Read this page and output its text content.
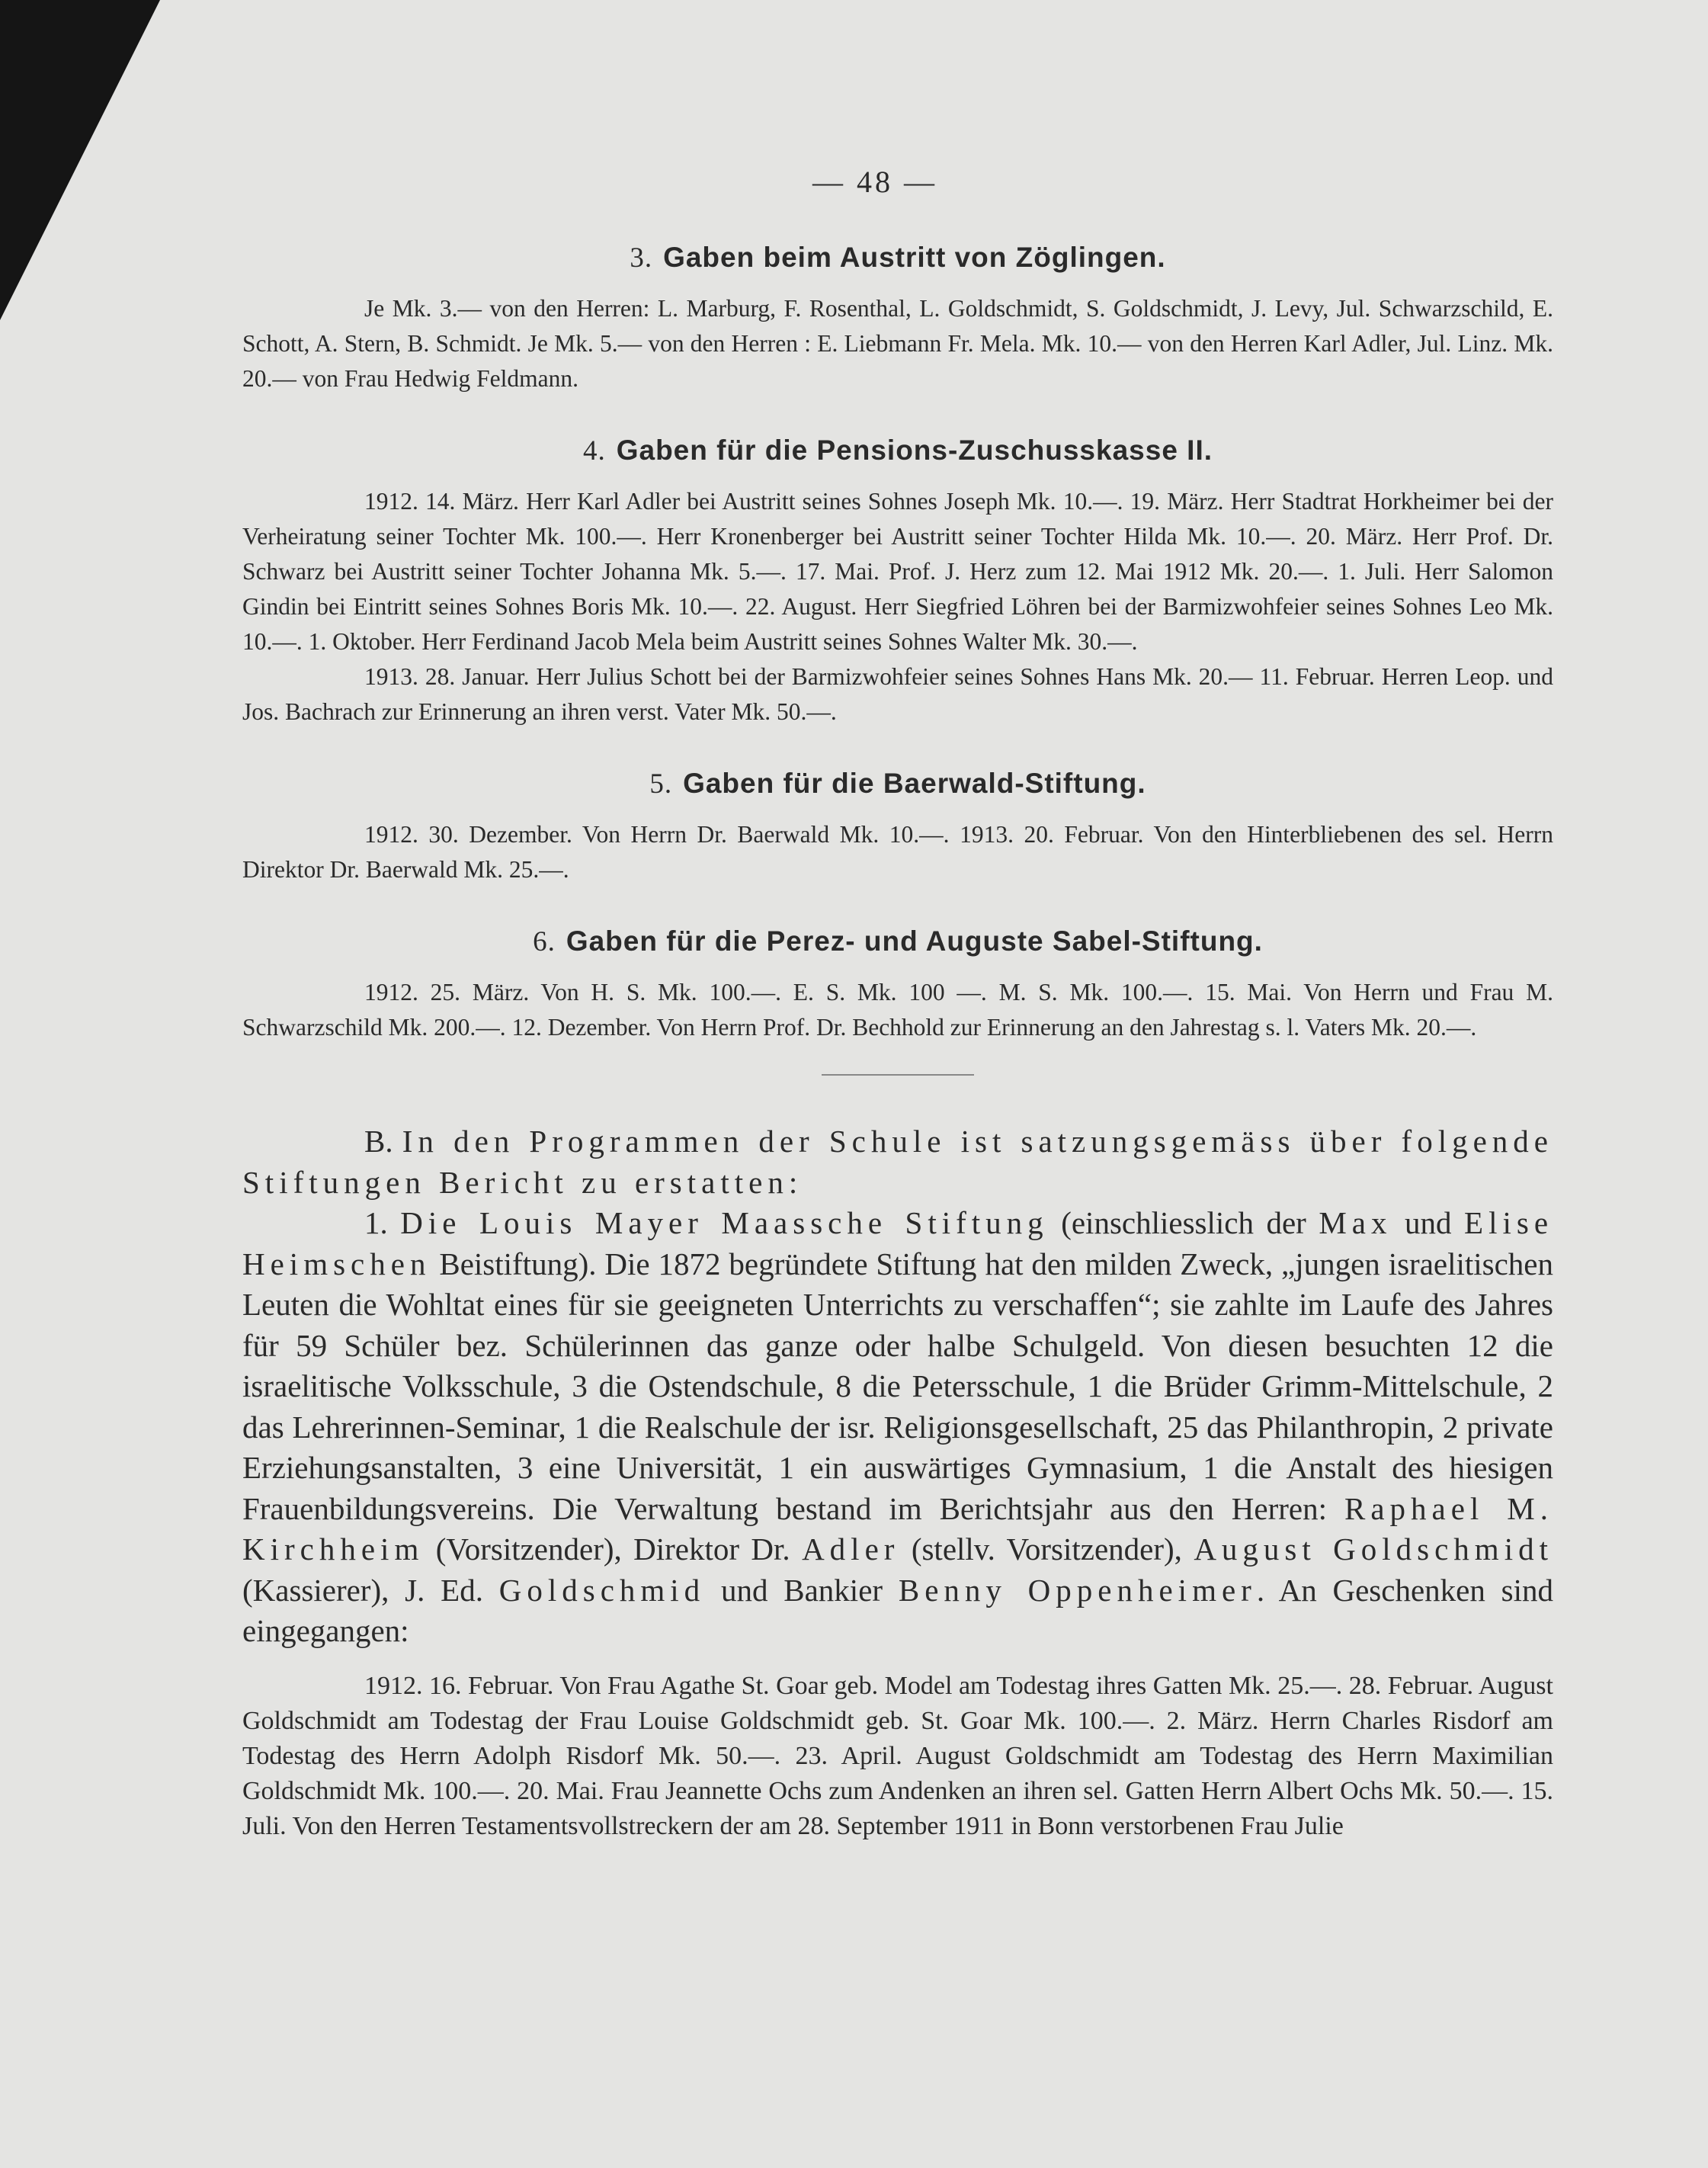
— 48 —
3. Gaben beim Austritt von Zöglingen.

Je Mk. 3.— von den Herren: L. Marburg, F. Rosenthal, L. Goldschmidt, S. Goldschmidt, J. Levy, Jul. Schwarzschild, E. Schott, A. Stern, B. Schmidt. Je Mk. 5.— von den Herren : E. Liebmann Fr. Mela. Mk. 10.— von den Herren Karl Adler, Jul. Linz. Mk. 20.— von Frau Hedwig Feldmann.

4. Gaben für die Pensions-Zuschusskasse II.

1912. 14. März. Herr Karl Adler bei Austritt seines Sohnes Joseph Mk. 10.—. 19. März. Herr Stadtrat Horkheimer bei der Verheiratung seiner Tochter Mk. 100.—. Herr Kronenberger bei Austritt seiner Tochter Hilda Mk. 10.—. 20. März. Herr Prof. Dr. Schwarz bei Austritt seiner Tochter Johanna Mk. 5.—. 17. Mai. Prof. J. Herz zum 12. Mai 1912 Mk. 20.—. 1. Juli. Herr Salomon Gindin bei Eintritt seines Sohnes Boris Mk. 10.—. 22. August. Herr Siegfried Löhren bei der Barmizwohfeier seines Sohnes Leo Mk. 10.—. 1. Oktober. Herr Ferdinand Jacob Mela beim Austritt seines Sohnes Walter Mk. 30.—.

1913. 28. Januar. Herr Julius Schott bei der Barmizwohfeier seines Sohnes Hans Mk. 20.— 11. Februar. Herren Leop. und Jos. Bachrach zur Erinnerung an ihren verst. Vater Mk. 50.—.

5. Gaben für die Baerwald-Stiftung.

1912. 30. Dezember. Von Herrn Dr. Baerwald Mk. 10.—. 1913. 20. Februar. Von den Hinterbliebenen des sel. Herrn Direktor Dr. Baerwald Mk. 25.—.

6. Gaben für die Perez- und Auguste Sabel-Stiftung.

1912. 25. März. Von H. S. Mk. 100.—. E. S. Mk. 100 —. M. S. Mk. 100.—. 15. Mai. Von Herrn und Frau M. Schwarzschild Mk. 200.—. 12. Dezember. Von Herrn Prof. Dr. Bechhold zur Erinnerung an den Jahrestag s. l. Vaters Mk. 20.—.

B. In den Programmen der Schule ist satzungsgemäss über folgende Stiftungen Bericht zu erstatten:

1. Die Louis Mayer Maassche Stiftung (einschliesslich der Max und Elise Heimschen Beistiftung). Die 1872 begründete Stiftung hat den milden Zweck, „jungen israelitischen Leuten die Wohltat eines für sie geeigneten Unterrichts zu verschaffen“; sie zahlte im Laufe des Jahres für 59 Schüler bez. Schülerinnen das ganze oder halbe Schulgeld. Von diesen besuchten 12 die israelitische Volksschule, 3 die Ostendschule, 8 die Petersschule, 1 die Brüder Grimm-Mittelschule, 2 das Lehrerinnen-Seminar, 1 die Realschule der isr. Religionsgesellschaft, 25 das Philanthropin, 2 private Erziehungsanstalten, 3 eine Universität, 1 ein auswärtiges Gymnasium, 1 die Anstalt des hiesigen Frauenbildungsvereins. Die Verwaltung bestand im Berichtsjahr aus den Herren: Raphael M. Kirchheim (Vorsitzender), Direktor Dr. Adler (stellv. Vorsitzender), August Goldschmidt (Kassierer), J. Ed. Goldschmid und Bankier Benny Oppenheimer. An Geschenken sind eingegangen:

1912. 16. Februar. Von Frau Agathe St. Goar geb. Model am Todestag ihres Gatten Mk. 25.—. 28. Februar. August Goldschmidt am Todestag der Frau Louise Goldschmidt geb. St. Goar Mk. 100.—. 2. März. Herrn Charles Risdorf am Todestag des Herrn Adolph Risdorf Mk. 50.—. 23. April. August Goldschmidt am Todestag des Herrn Maximilian Goldschmidt Mk. 100.—. 20. Mai. Frau Jeannette Ochs zum Andenken an ihren sel. Gatten Herrn Albert Ochs Mk. 50.—. 15. Juli. Von den Herren Testamentsvollstreckern der am 28. September 1911 in Bonn verstorbenen Frau Julie
